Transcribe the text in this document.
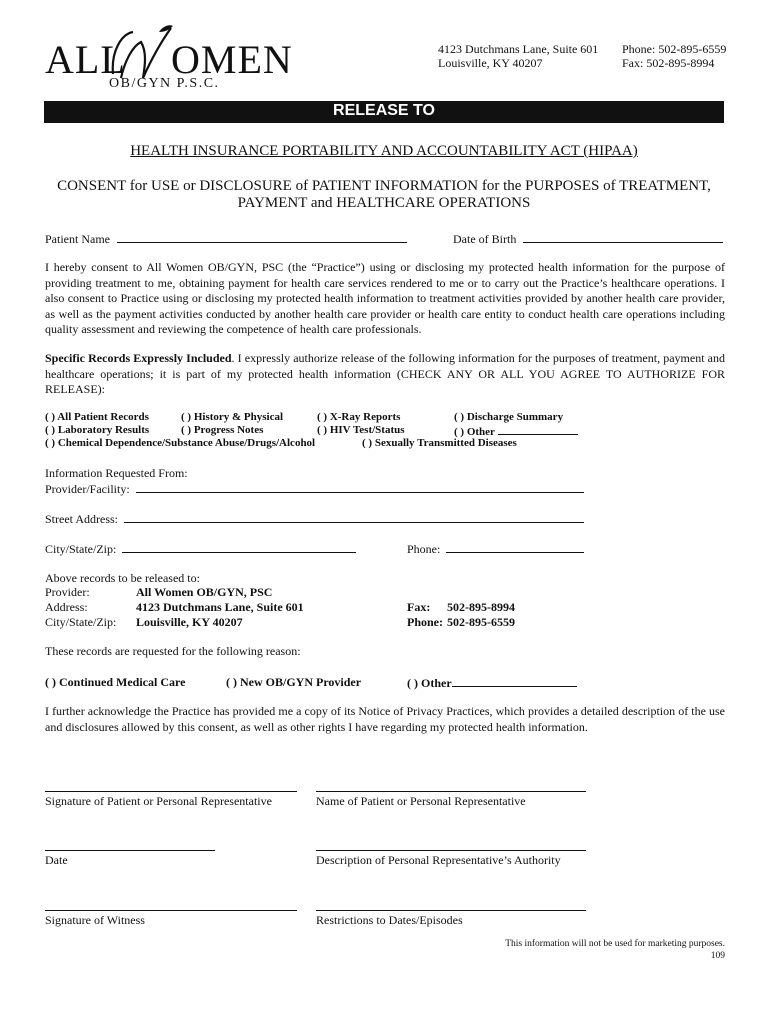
ALL OMEN
OB/GYN P.S.C.
4123 Dutchmans Lane, Suite 601
Louisville, KY 40207
Phone: 502-895-6559
Fax: 502-895-8994
RELEASE TO
HEALTH INSURANCE PORTABILITY AND ACCOUNTABILITY ACT (HIPAA)
CONSENT for USE or DISCLOSURE of PATIENT INFORMATION for the PURPOSES of TREATMENT,
PAYMENT and HEALTHCARE OPERATIONS
Patient Name	Date of Birth
I hereby consent to All Women OB/GYN, PSC (the “Practice”) using or disclosing my protected health information for the purpose of providing treatment to me, obtaining payment for health care services rendered to me or to carry out the Practice’s healthcare operations. I also consent to Practice using or disclosing my protected health information to treatment activities provided by another health care provider, as well as the payment activities conducted by another health care provider or health care entity to conduct health care operations including quality assessment and reviewing the competence of health care professionals.
Specific Records Expressly Included. I expressly authorize release of the following information for the purposes of treatment, payment and healthcare operations; it is part of my protected health information (CHECK ANY OR ALL YOU AGREE TO AUTHORIZE FOR RELEASE):
( ) All Patient Records	( ) History & Physical	( ) X-Ray Reports	( ) Discharge Summary
( ) Laboratory Results	( ) Progress Notes	( ) HIV Test/Status	( ) Other
( ) Chemical Dependence/Substance Abuse/Drugs/Alcohol	( ) Sexually Transmitted Diseases
Information Requested From:
Provider/Facility:
Street Address:
City/State/Zip:	Phone:
Above records to be released to:
Provider:	All Women OB/GYN, PSC
Address:	4123 Dutchmans Lane, Suite 601	Fax: 502-895-8994
City/State/Zip: Louisville, KY 40207	Phone: 502-895-6559
These records are requested for the following reason:
( ) Continued Medical Care	( ) New OB/GYN Provider	( ) Other
I further acknowledge the Practice has provided me a copy of its Notice of Privacy Practices, which provides a detailed description of the use and disclosures allowed by this consent, as well as other rights I have regarding my protected health information.
Signature of Patient or Personal Representative	Name of Patient or Personal Representative
Date	Description of Personal Representative’s Authority
Signature of Witness	Restrictions to Dates/Episodes
This information will not be used for marketing purposes.
109
